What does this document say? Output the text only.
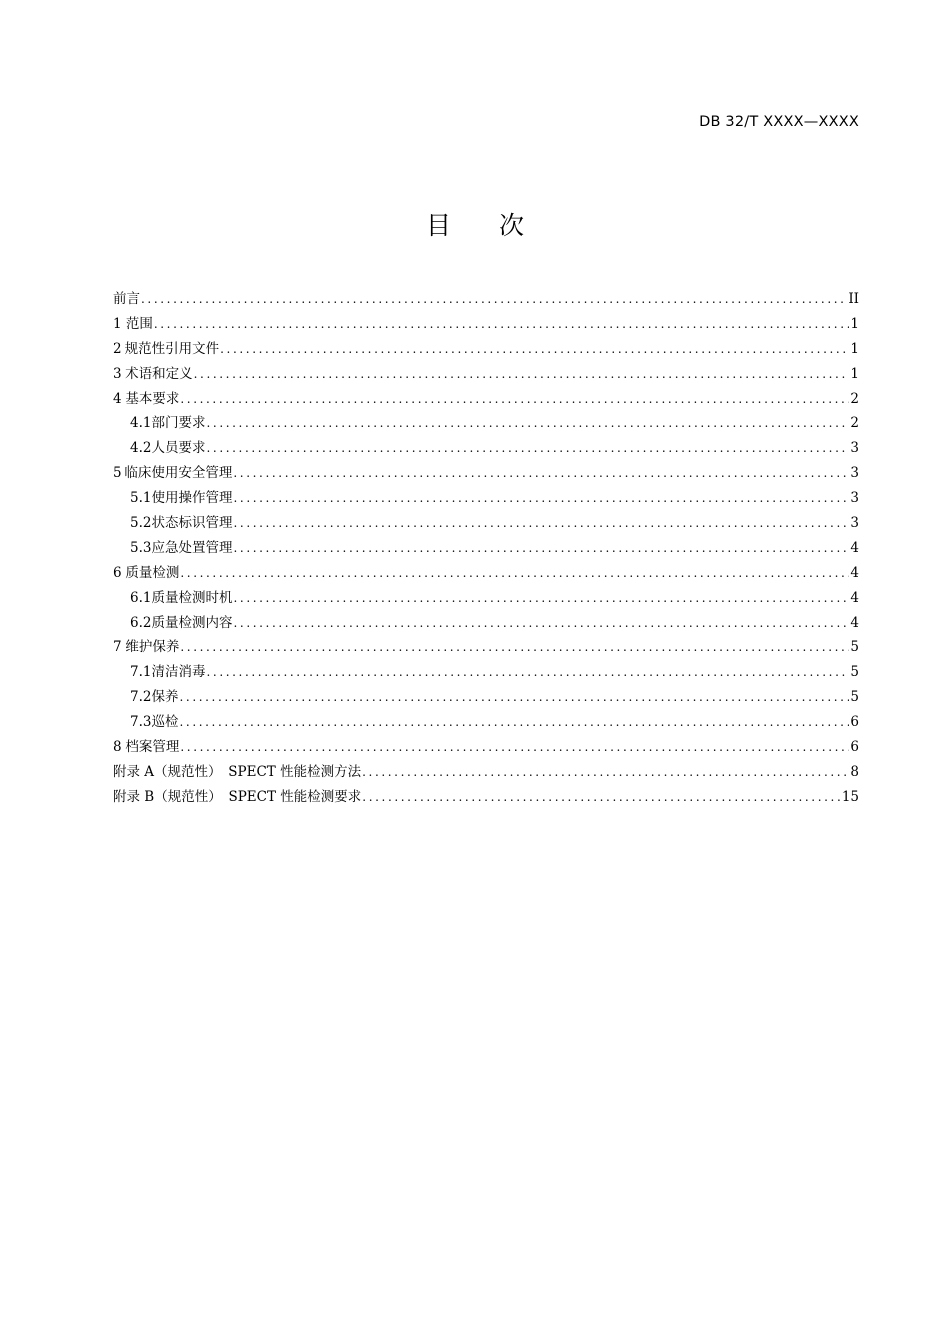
DB 32/T XXXX—XXXX
目 次
前言 .....	II
1 范围 .....	1
2 规范性引用文件 .....	1
3 术语和定义 .....	1
4 基本要求 .....	2
4.1 部门要求 .....	2
4.2 人员要求 .....	3
5 临床使用安全管理 .....	3
5.1 使用操作管理 .....	3
5.2 状态标识管理 .....	3
5.3 应急处置管理 .....	4
6 质量检测 .....	4
6.1 质量检测时机 .....	4
6.2 质量检测内容 .....	4
7 维护保养 .....	5
7.1 清洁消毒 .....	5
7.2 保养 .....	5
7.3 巡检 .....	6
8 档案管理 .....	6
附录 A（规范性）　SPECT 性能检测方法 .....	8
附录 B（规范性）　SPECT 性能检测要求 .....	15
